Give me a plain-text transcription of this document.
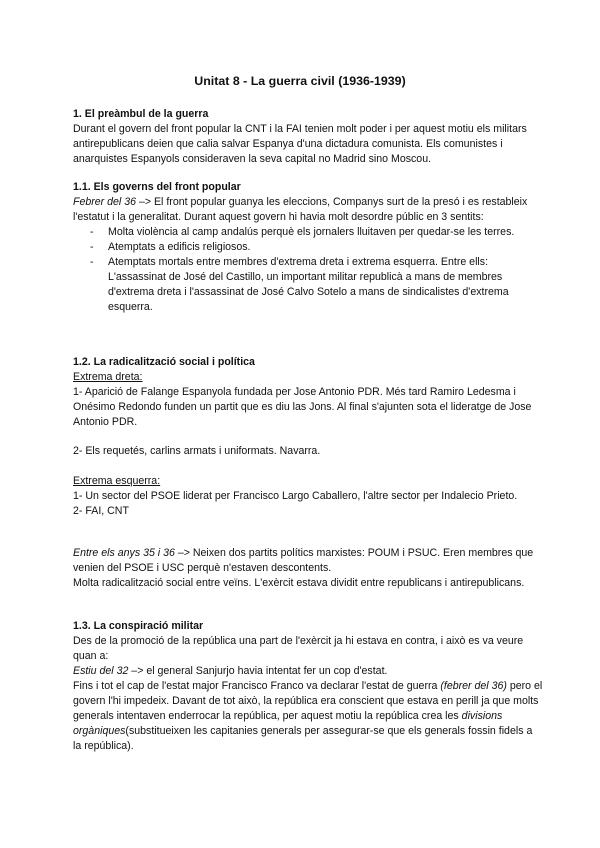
Unitat 8 - La guerra civil (1936-1939)

1. El preàmbul de la guerra

Durant el govern del front popular la CNT i la FAI tenien molt poder i per aquest motiu els militars antirepublicans deien que calia salvar Espanya d'una dictadura comunista. Els comunistes i anarquistes Espanyols consideraven la seva capital no Madrid sino Moscou.

1.1. Els governs del front popular

Febrer del 36 –> El front popular guanya les eleccions, Companys surt de la presó i es restableix l'estatut i la generalitat. Durant aquest govern hi havia molt desordre públic en 3 sentits:

- Molta violència al camp andalús perquè els jornalers lluitaven per quedar-se les terres.
- Atemptats a edificis religiosos.
- Atemptats mortals entre membres d'extrema dreta i extrema esquerra. Entre ells: L'assassinat de José del Castillo, un important militar republicà a mans de membres d'extrema dreta i l'assassinat de José Calvo Sotelo a mans de sindicalistes d'extrema esquerra.

1.2. La radicalització social i política

Extrema dreta:

1- Aparició de Falange Espanyola fundada per Jose Antonio PDR. Més tard Ramiro Ledesma i Onésimo Redondo funden un partit que es diu las Jons. Al final s'ajunten sota el lideratge de Jose Antonio PDR.

2- Els requetés, carlins armats i uniformats. Navarra.

Extrema esquerra:

1- Un sector del PSOE liderat per Francisco Largo Caballero, l'altre sector per Indalecio Prieto.

2- FAI, CNT

Entre els anys 35 i 36 –> Neixen dos partits polítics marxistes: POUM i PSUC. Eren membres que venien del PSOE i USC perquè n'estaven descontents.

Molta radicalització social entre veïns. L'exèrcit estava dividit entre republicans i antirepublicans.

1.3. La conspiració militar

Des de la promoció de la república una part de l'exèrcit ja hi estava en contra, i això es va veure quan a:

Estiu del 32 –> el general Sanjurjo havia intentat fer un cop d'estat.

Fins i tot el cap de l'estat major Francisco Franco va declarar l'estat de guerra (febrer del 36) pero el govern l'hi impedeix. Davant de tot això, la república era conscient que estava en perill ja que molts generals intentaven enderrocar la república, per aquest motiu la república crea les divisions orgàniques(substitueixen les capitanies generals per assegurar-se que els generals fossin fidels a la república).
